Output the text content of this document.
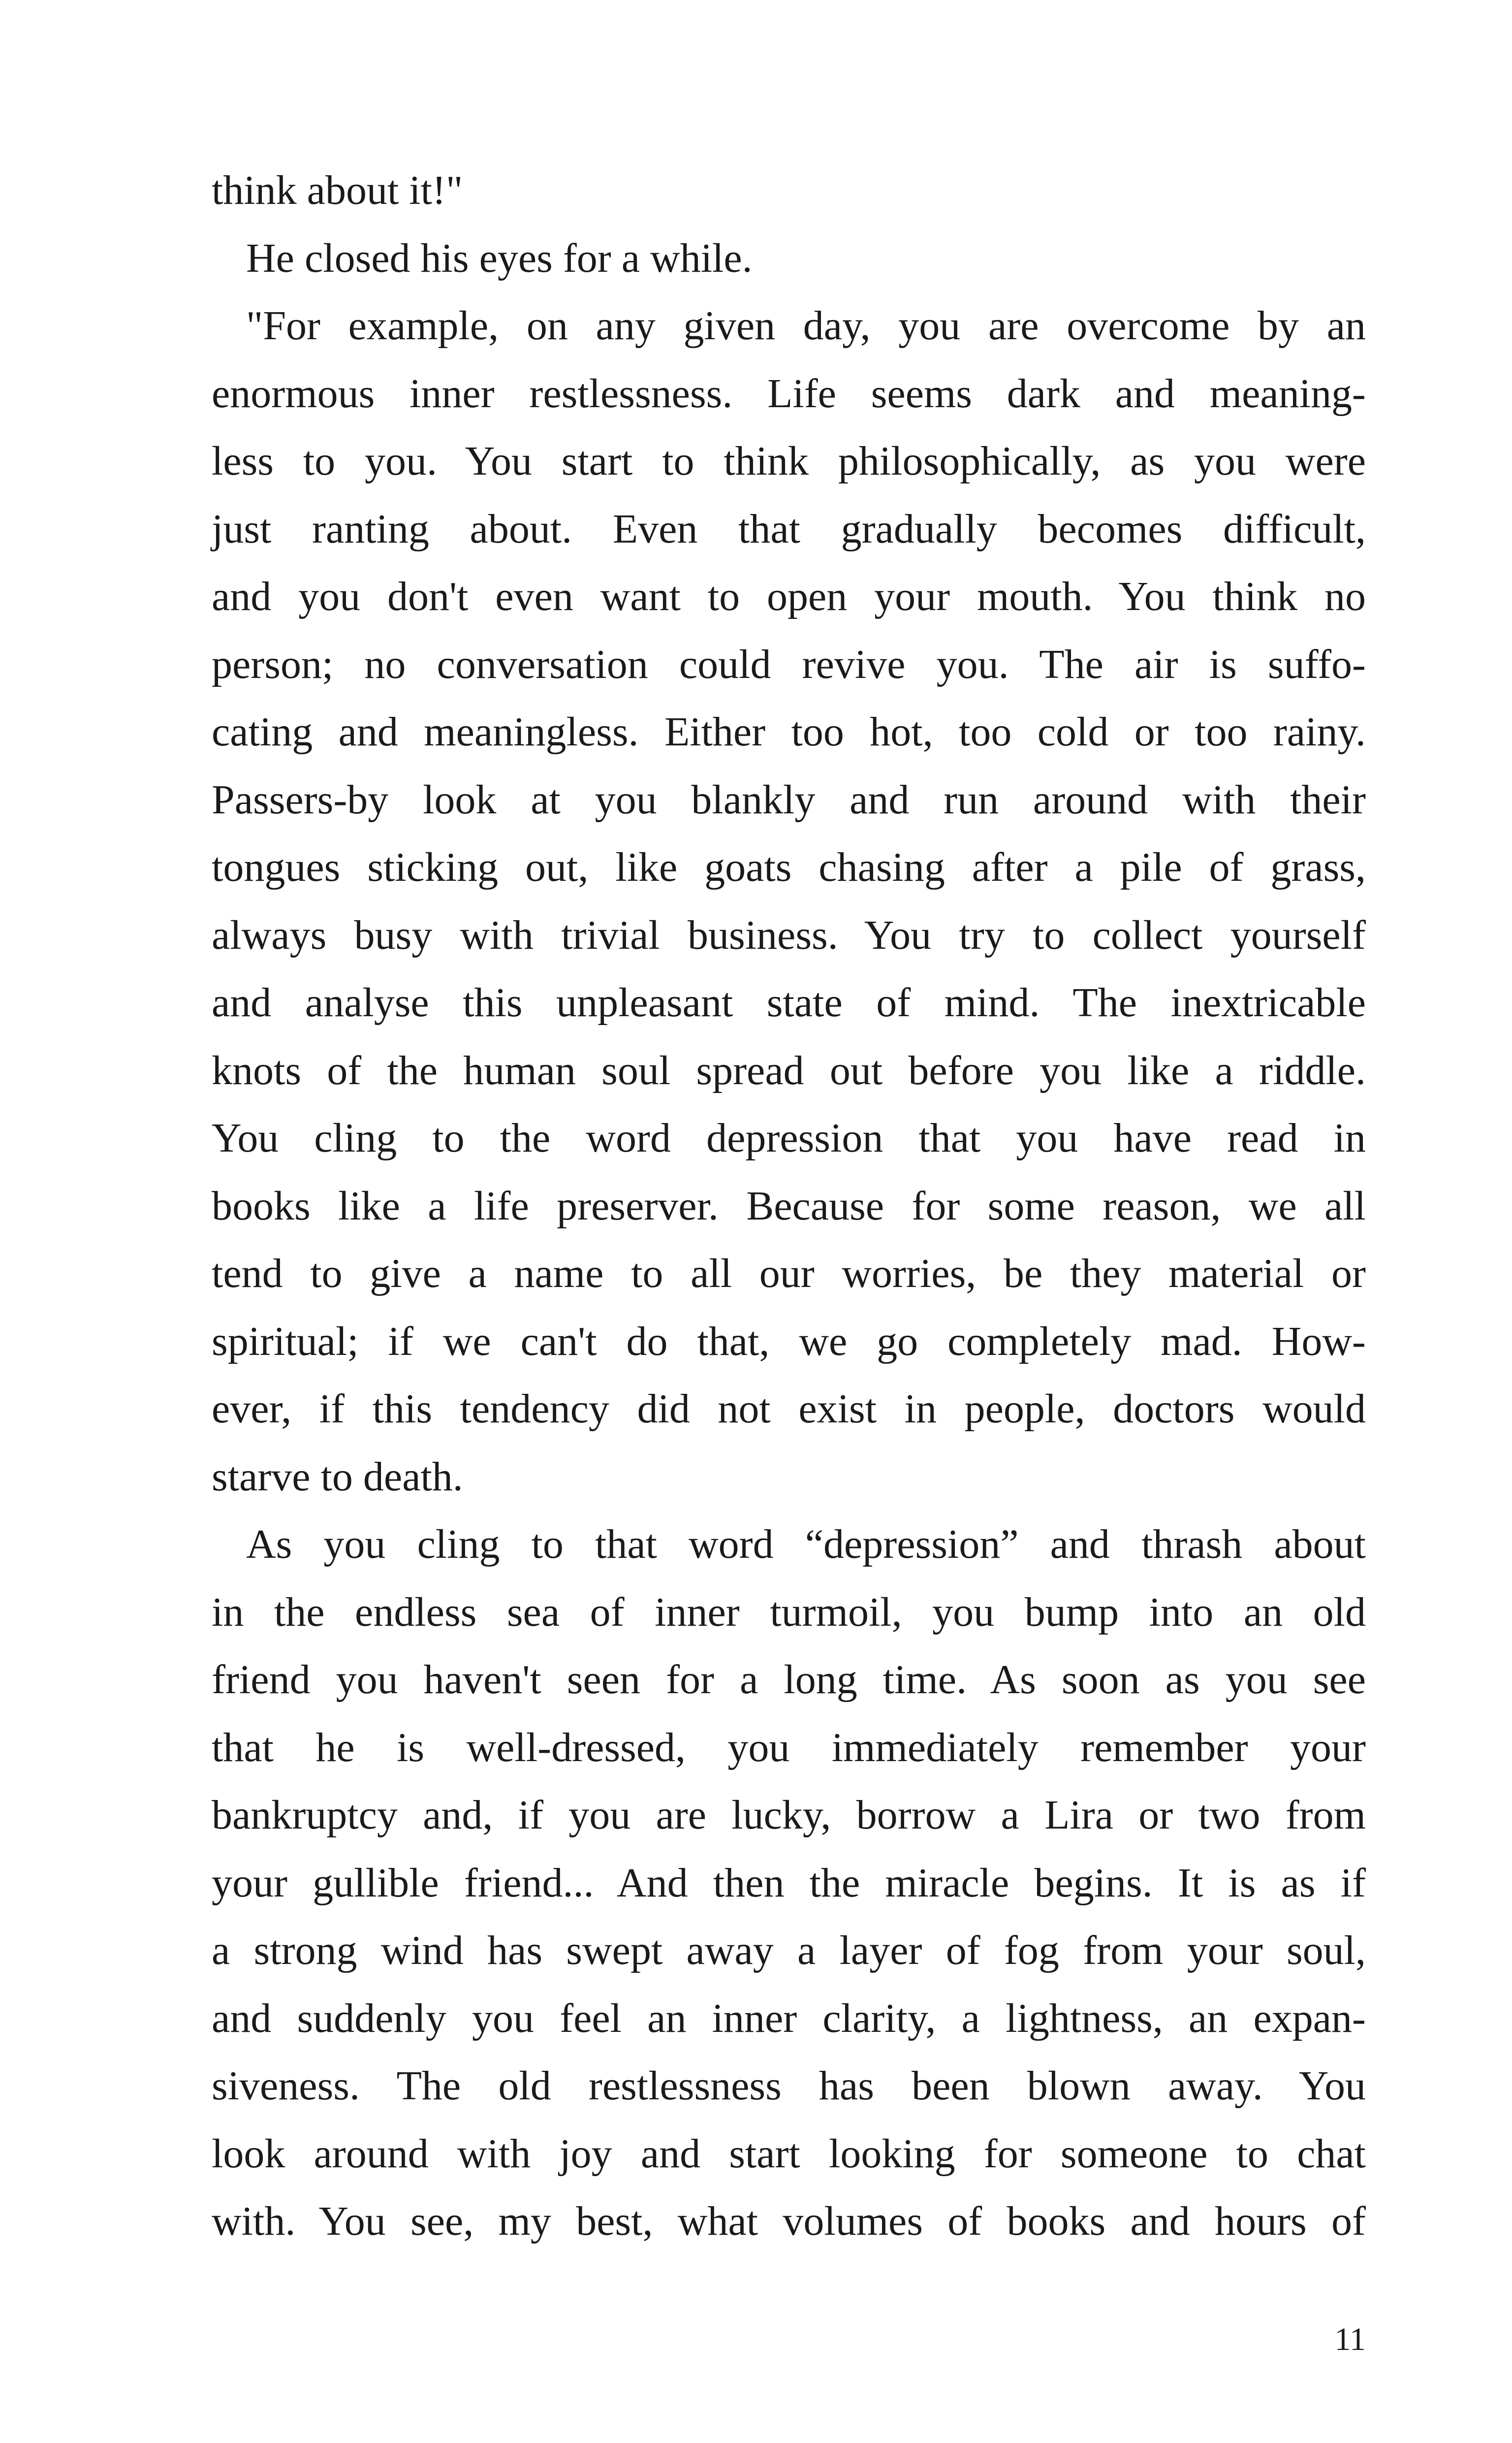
think about it!"
He closed his eyes for a while.
"For example, on any given day, you are overcome by an
enormous inner restlessness. Life seems dark and meaning-
less to you. You start to think philosophically, as you were
just ranting about. Even that gradually becomes difficult,
and you don't even want to open your mouth. You think no
person; no conversation could revive you. The air is suffo-
cating and meaningless. Either too hot, too cold or too rainy.
Passers-by look at you blankly and run around with their
tongues sticking out, like goats chasing after a pile of grass,
always busy with trivial business. You try to collect yourself
and analyse this unpleasant state of mind. The inextricable
knots of the human soul spread out before you like a riddle.
You cling to the word depression that you have read in
books like a life preserver. Because for some reason, we all
tend to give a name to all our worries, be they material or
spiritual; if we can't do that, we go completely mad. How-
ever, if this tendency did not exist in people, doctors would
starve to death.
As you cling to that word “depression” and thrash about
in the endless sea of inner turmoil, you bump into an old
friend you haven't seen for a long time. As soon as you see
that he is well-dressed, you immediately remember your
bankruptcy and, if you are lucky, borrow a Lira or two from
your gullible friend... And then the miracle begins. It is as if
a strong wind has swept away a layer of fog from your soul,
and suddenly you feel an inner clarity, a lightness, an expan-
siveness. The old restlessness has been blown away. You
look around with joy and start looking for someone to chat
with. You see, my best, what volumes of books and hours of
11
